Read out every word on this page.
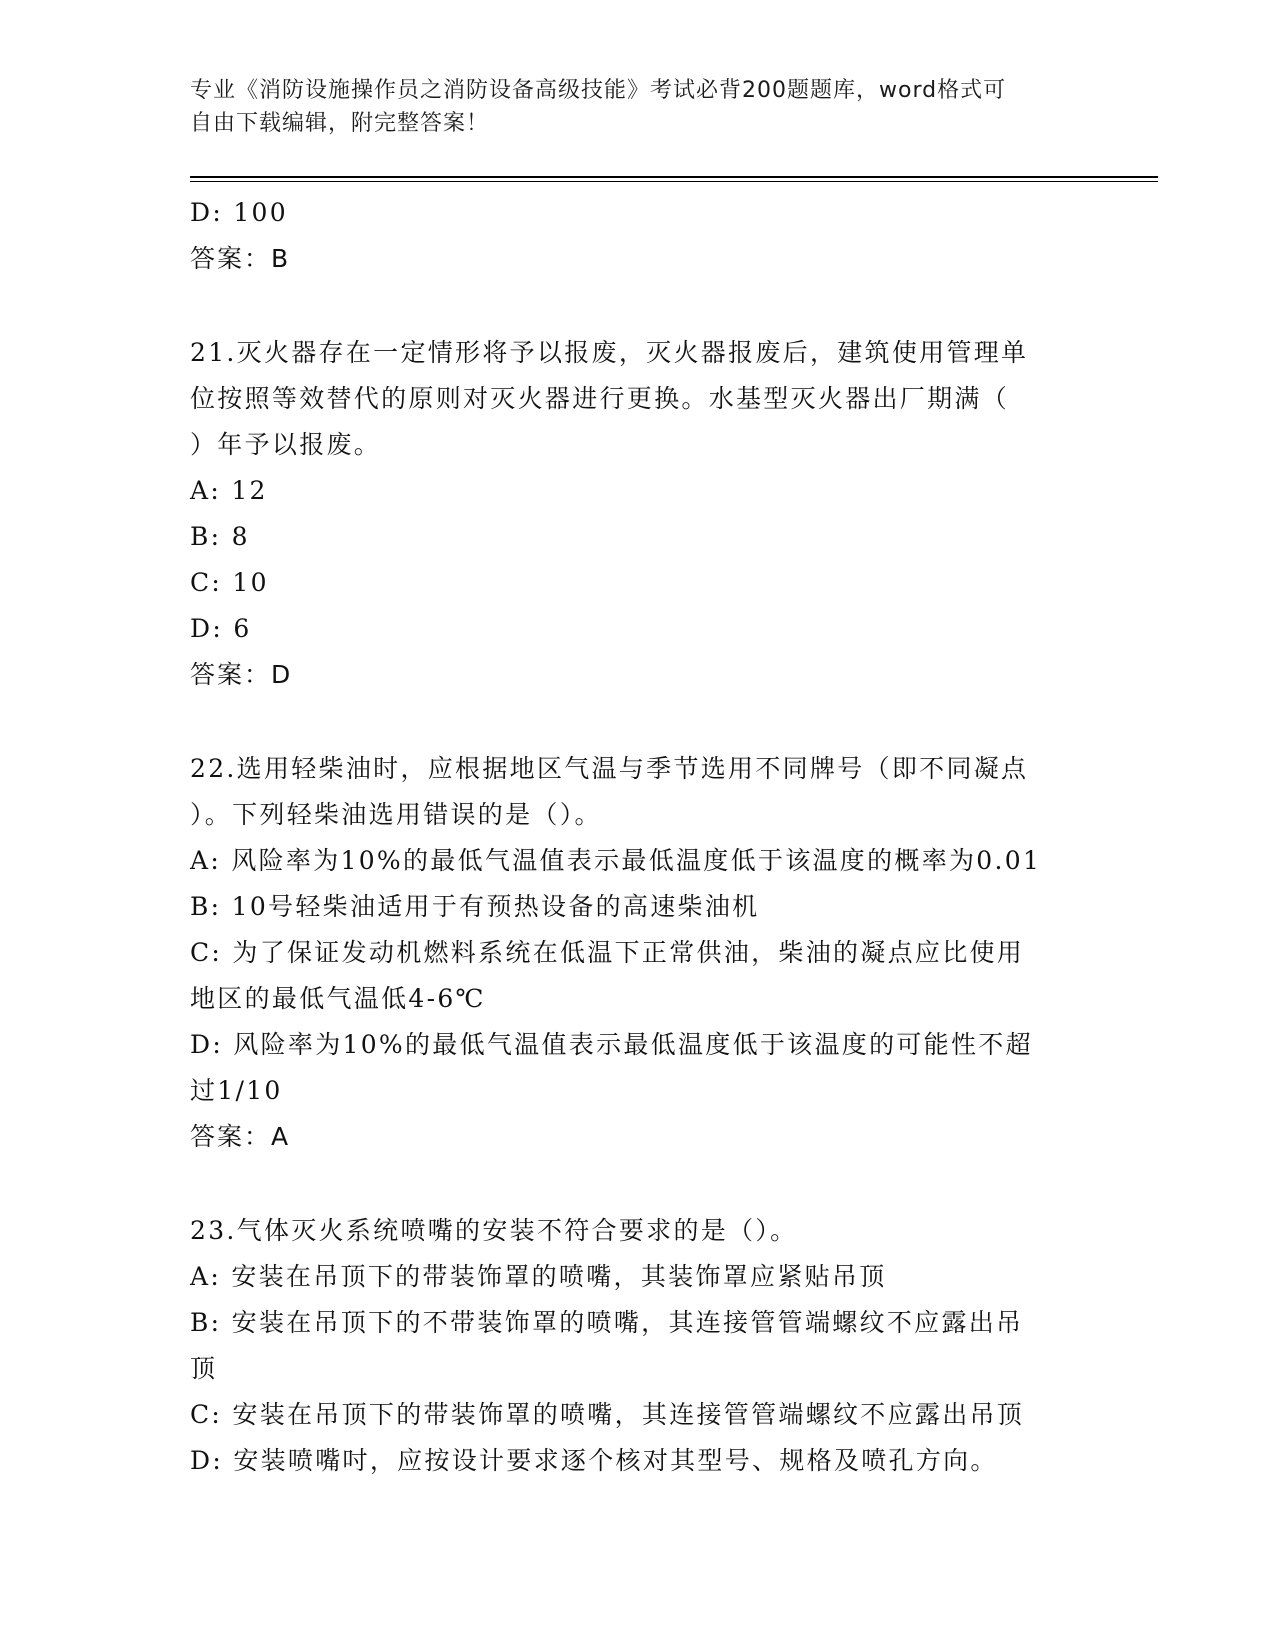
专业《消防设施操作员之消防设备高级技能》考试必背200题题库，word格式可
自由下载编辑，附完整答案！
D: 100
答案：B
21.灭火器存在一定情形将予以报废，灭火器报废后，建筑使用管理单
位按照等效替代的原则对灭火器进行更换。水基型灭火器出厂期满（
）年予以报废。
A: 12
B: 8
C: 10
D: 6
答案：D
22.选用轻柴油时，应根据地区气温与季节选用不同牌号（即不同凝点
）。下列轻柴油选用错误的是（）。
A: 风险率为10%的最低气温值表示最低温度低于该温度的概率为0.01
B: 10号轻柴油适用于有预热设备的高速柴油机
C: 为了保证发动机燃料系统在低温下正常供油，柴油的凝点应比使用
地区的最低气温低4-6℃
D: 风险率为10%的最低气温值表示最低温度低于该温度的可能性不超
过1/10
答案：A
23.气体灭火系统喷嘴的安装不符合要求的是（）。
A: 安装在吊顶下的带装饰罩的喷嘴，其装饰罩应紧贴吊顶
B: 安装在吊顶下的不带装饰罩的喷嘴，其连接管管端螺纹不应露出吊
顶
C: 安装在吊顶下的带装饰罩的喷嘴，其连接管管端螺纹不应露出吊顶
D: 安装喷嘴吋，应按设计要求逐个核对其型号、规格及喷孔方向。
